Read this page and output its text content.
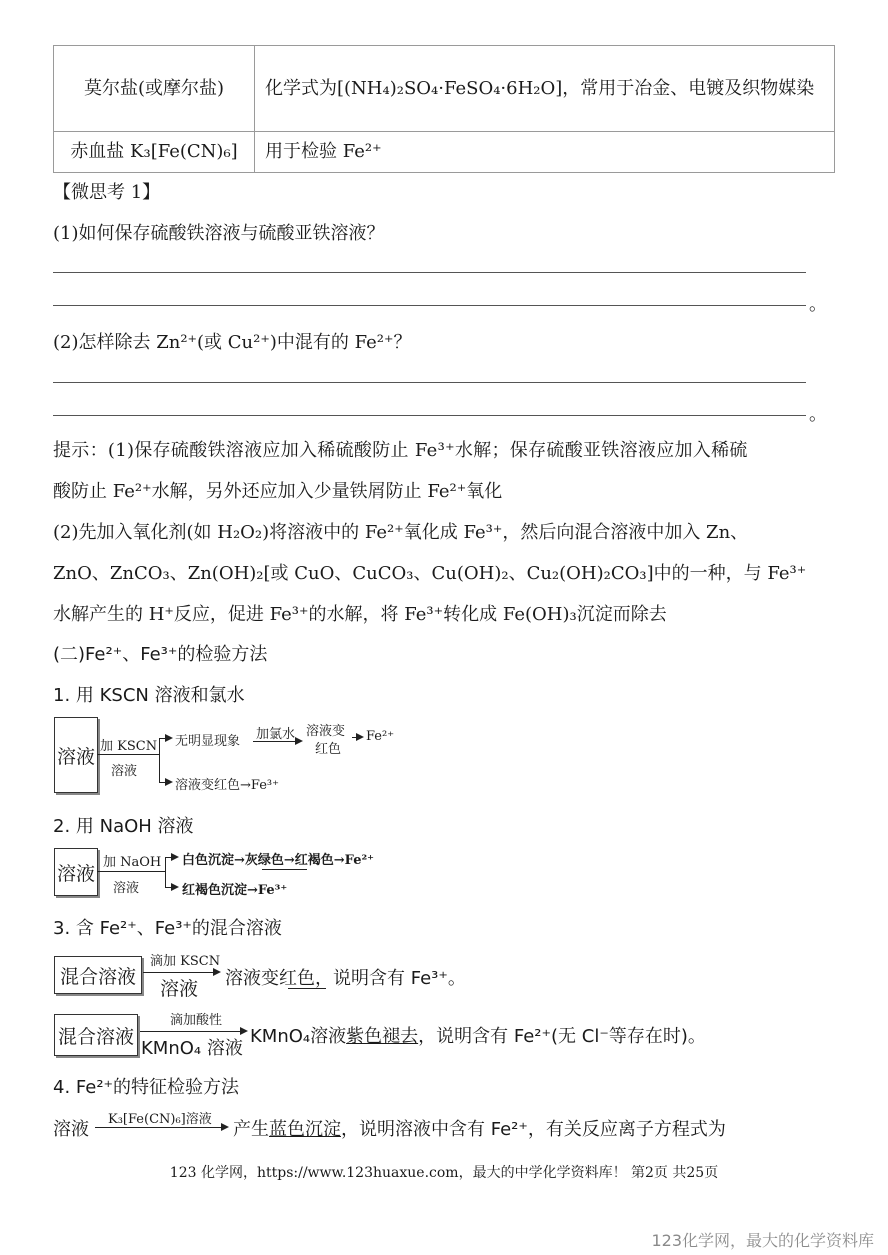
莫尔盐(或摩尔盐)	化学式为[(NH₄)₂SO₄·FeSO₄·6H₂O]，常用于冶金、电镀及织物媒染
赤血盐 K₃[Fe(CN)₆]	用于检验 Fe²⁺
【微思考 1】
(1)如何保存硫酸铁溶液与硫酸亚铁溶液？
。
(2)怎样除去 Zn²⁺(或 Cu²⁺)中混有的 Fe²⁺？
。
提示：(1)保存硫酸铁溶液应加入稀硫酸防止 Fe³⁺水解；保存硫酸亚铁溶液应加入稀硫
酸防止 Fe²⁺水解，另外还应加入少量铁屑防止 Fe²⁺氧化
(2)先加入氧化剂(如 H₂O₂)将溶液中的 Fe²⁺氧化成 Fe³⁺，然后向混合溶液中加入 Zn、
ZnO、ZnCO₃、Zn(OH)₂[或 CuO、CuCO₃、Cu(OH)₂、Cu₂(OH)₂CO₃]中的一种，与 Fe³⁺
水解产生的 H⁺反应，促进 Fe³⁺的水解，将 Fe³⁺转化成 Fe(OH)₃沉淀而除去
(二)Fe²⁺、Fe³⁺的检验方法
1. 用 KSCN 溶液和氯水
溶液 加 KSCN
溶液
无明显现象 加氯水 溶液变
红色
Fe²⁺
溶液变红色→Fe³⁺
2. 用 NaOH 溶液
溶液 加 NaOH
溶液
白色沉淀→灰绿色→红褐色→Fe²⁺
红褐色沉淀→Fe³⁺
3. 含 Fe²⁺、Fe³⁺的混合溶液
混合溶液
滴加 KSCN
溶液 溶液变红色，说明含有 Fe³⁺。
混合溶液
滴加酸性
KMnO₄ 溶液
KMnO₄溶液紫色褪去，说明含有 Fe²⁺(无 Cl⁻等存在时)。
4. Fe²⁺的特征检验方法
溶液 K₃[Fe(CN)₆]溶液 产生蓝色沉淀，说明溶液中含有 Fe²⁺，有关反应离子方程式为
123 化学网，https://www.123huaxue.com，最大的中学化学资料库！ 第2页 共25页
123化学网，最大的化学资料库
